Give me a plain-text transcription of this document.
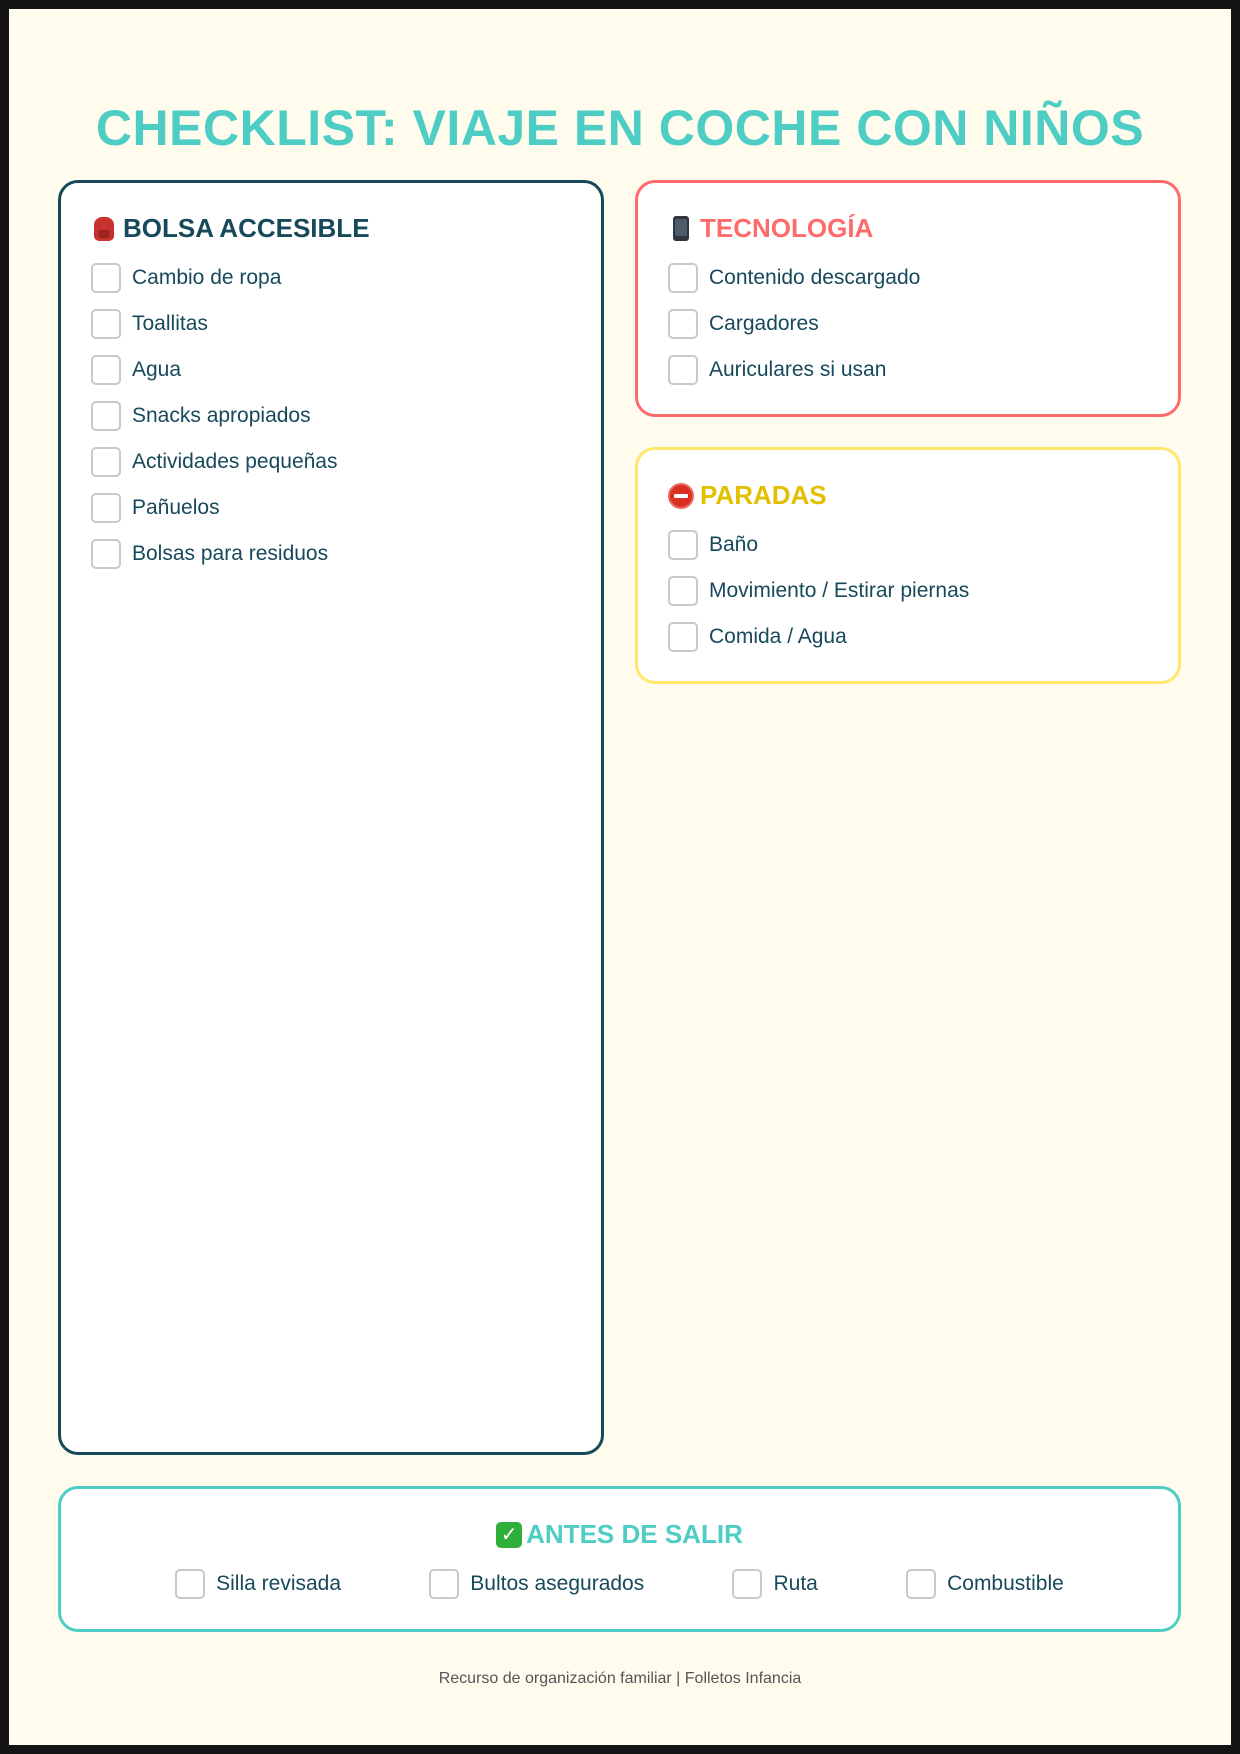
CHECKLIST: VIAJE EN COCHE CON NIÑOS
BOLSA ACCESIBLE
Cambio de ropa
Toallitas
Agua
Snacks apropiados
Actividades pequeñas
Pañuelos
Bolsas para residuos
TECNOLOGÍA
Contenido descargado
Cargadores
Auriculares si usan
PARADAS
Baño
Movimiento / Estirar piernas
Comida / Agua
✓ ANTES DE SALIR
Silla revisada	Bultos asegurados	Ruta	Combustible
Recurso de organización familiar | Folletos Infancia
